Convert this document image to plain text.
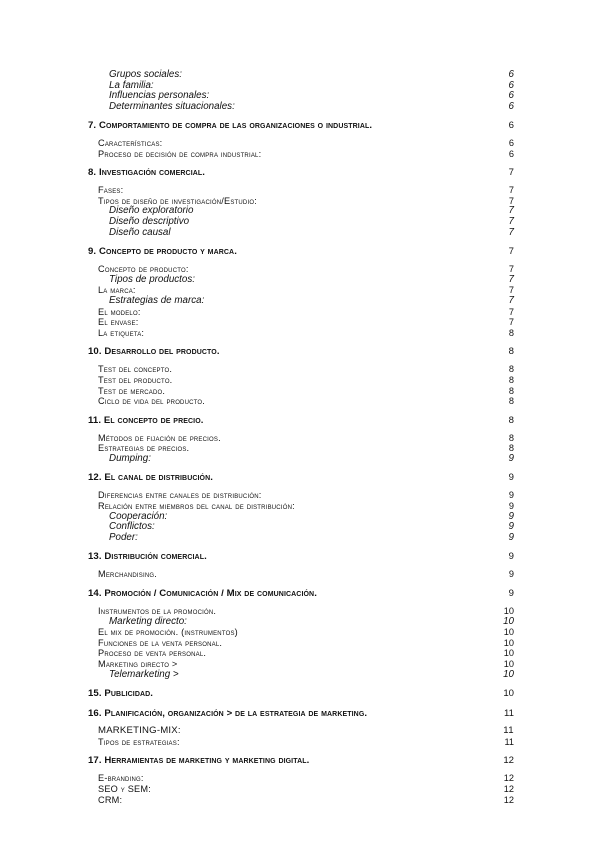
Grupos sociales:	6
La familia:	6
Influencias personales:	6
Determinantes situacionales:	6
7. Comportamiento de compra de las organizaciones o industrial.	6
Características:	6
Proceso de decisión de compra industrial:	6
8. Investigación comercial.	7
Fases:	7
Tipos de diseño de investigación/Estudio:	7
Diseño exploratorio	7
Diseño descriptivo	7
Diseño causal	7
9. Concepto de producto y marca.	7
Concepto de producto:	7
Tipos de productos:	7
La marca:	7
Estrategias de marca:	7
El modelo:	7
El envase:	7
La etiqueta:	8
10. Desarrollo del producto.	8
Test del concepto.	8
Test del producto.	8
Test de mercado.	8
Ciclo de vida del producto.	8
11. El concepto de precio.	8
Métodos de fijación de precios.	8
Estrategias de precios.	8
Dumping:	9
12. El canal de distribución.	9
Diferencias entre canales de distribución:	9
Relación entre miembros del canal de distribución:	9
Cooperación:	9
Conflictos:	9
Poder:	9
13. Distribución comercial.	9
Merchandising.	9
14. Promoción / Comunicación / Mix de comunicación.	9
Instrumentos de la promoción.	10
Marketing directo:	10
El mix de promoción. (instrumentos)	10
Funciones de la venta personal.	10
Proceso de venta personal.	10
Marketing directo >	10
Telemarketing >	10
15. Publicidad.	10
16. Planificación, organización > de la estrategia de marketing.	11
MARKETING-MIX:	11
Tipos de estrategias:	11
17. Herramientas de marketing y marketing digital.	12
E-branding:	12
SEO y SEM:	12
CRM:	12
